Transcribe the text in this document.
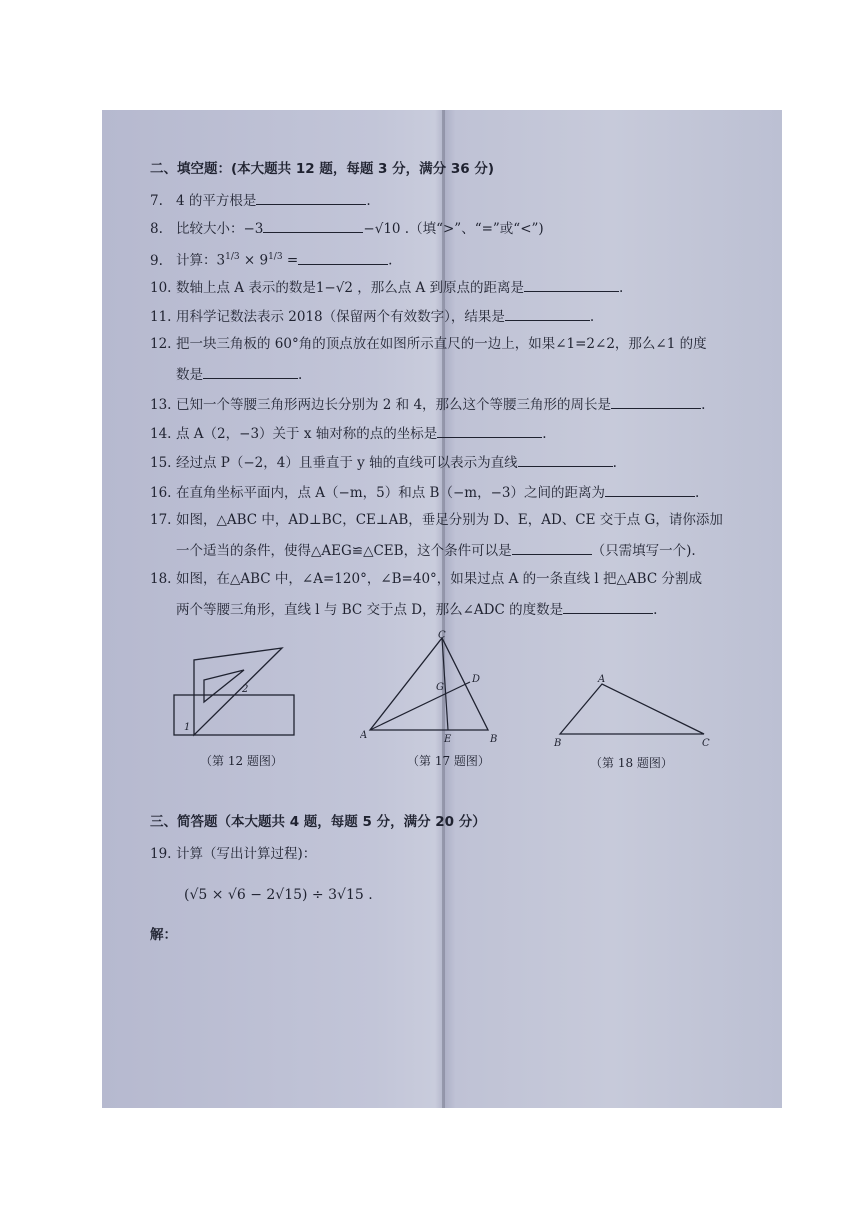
二、填空题：(本大题共 12 题，每题 3 分，满分 36 分)
7. 4 的平方根是	.
8. 比较大小：−3	−√10 .（填“>”、“=”或“<”)
9. 计算：$3^{1/3} \times 9^{1/3}$ =	.
10. 数轴上点 A 表示的数是1−√2 ，那么点 A 到原点的距离是	.
11. 用科学记数法表示 2018（保留两个有效数字），结果是	.
12. 把一块三角板的 60°角的顶点放在如图所示直尺的一边上，如果∠1=2∠2，那么∠1 的度
数是	.
13. 已知一个等腰三角形两边长分别为 2 和 4，那么这个等腰三角形的周长是	.
14. 点 A（2，−3）关于 x 轴对称的点的坐标是	.
15. 经过点 P（−2，4）且垂直于 y 轴的直线可以表示为直线	.
16. 在直角坐标平面内，点 A（−m，5）和点 B（−m，−3）之间的距离为	.
17. 如图，△ABC 中，AD⊥BC，CE⊥AB，垂足分别为 D、E，AD、CE 交于点 G，请你添加
一个适当的条件，使得△AEG≌△CEB，这个条件可以是	（只需填写一个).
18. 如图，在△ABC 中，∠A=120°，∠B=40°，如果过点 A 的一条直线 l 把△ABC 分割成
两个等腰三角形，直线 l 与 BC 交于点 D，那么∠ADC 的度数是	.
1
2
（第 12 题图）
A	B
C
D
E
G
（第 17 题图）
A
B	C
（第 18 题图）
三、简答题（本大题共 4 题，每题 5 分，满分 20 分）
19. 计算（写出计算过程)：
(√5 × √6 − 2√15) ÷ 3√15 .
解：
